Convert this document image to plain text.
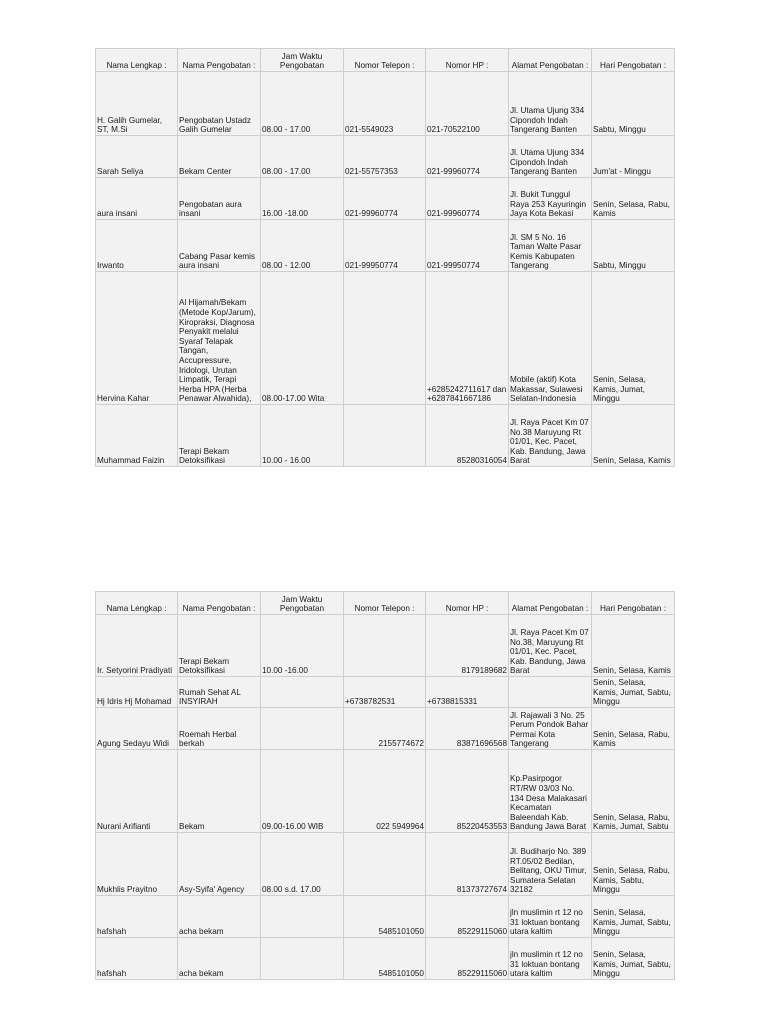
Nama Lengkap :	Nama Pengobatan :	Jam Waktu Pengobatan	Nomor Telepon :	Nomor HP :	Alamat Pengobatan :	Hari Pengobatan :
H. Galih Gumelar, ST, M.Si	Pengobatan Ustadz Galih Gumelar	08.00 - 17.00	021-5549023	021-70522100	Jl. Utama Ujung 334 Cipondoh Indah Tangerang Banten	Sabtu, Minggu
Sarah Seliya	Bekam Center	08.00 - 17.00	021-55757353	021-99960774	Jl. Utama Ujung 334 Cipondoh Indah Tangerang Banten	Jum'at - Minggu
aura insani	Pengobatan aura insani	16.00 -18.00	021-99960774	021-99960774	Jl. Bukit Tunggul Raya 253 Kayuringin Jaya Kota Bekasi	Senin, Selasa, Rabu, Kamis
Irwanto	Cabang Pasar kemis aura insani	08.00 - 12.00	021-99950774	021-99950774	Jl. SM 5 No. 16 Taman Walte Pasar Kemis Kabupaten Tangerang	Sabtu, Minggu
Hervina Kahar	Al Hijamah/Bekam (Metode Kop/Jarum), Kiropraksi, Diagnosa Penyakit melalui Syaraf Telapak Tangan, Accupressure, Iridologi, Urutan Limpatik, Terapi Herba HPA (Herba Penawar Alwahida),	08.00-17.00 Wita		+6285242711617 dan +6287841667186	Mobile (aktif) Kota Makassar, Sulawesi Selatan-Indonesia	Senin, Selasa, Kamis, Jumat, Minggu
Muhammad Faizin	Terapi Bekam Detoksifikasi	10.00 - 16.00		85280316054	Jl. Raya Pacet Km 07 No.38 Maruyung Rt 01/01, Kec. Pacet, Kab. Bandung, Jawa Barat	Senin, Selasa, Kamis
Nama Lengkap :	Nama Pengobatan :	Jam Waktu Pengobatan	Nomor Telepon :	Nomor HP :	Alamat Pengobatan :	Hari Pengobatan :
Ir. Setyorini Pradiyati	Terapi Bekam Detoksifikasi	10.00 -16.00		8179189682	Jl. Raya Pacet Km 07 No.38, Maruyung Rt 01/01, Kec. Pacet, Kab. Bandung, Jawa Barat	Senin, Selasa, Kamis
Hj Idris Hj Mohamad	Rumah Sehat AL INSYIRAH		+6738782531	+6738815331		Senin, Selasa, Kamis, Jumat, Sabtu, Minggu
Agung Sedayu Widi	Roemah Herbal berkah		2155774672	83871696568	Jl. Rajawali 3 No. 25 Perum Pondok Bahar Permai Kota Tangerang	Senin, Selasa, Rabu, Kamis
Nurani Arifianti	Bekam	09.00-16.00 WIB	022 5949964	85220453553	Kp.Pasirpogor RT/RW 03/03 No. 134 Desa Malakasari Kecamatan Baleendah Kab. Bandung Jawa Barat	Senin, Selasa, Rabu, Kamis, Jumat, Sabtu
Mukhlis Prayitno	Asy-Syifa' Agency	08.00 s.d. 17.00		81373727674	Jl. Budiharjo No. 389 RT.05/02 Bedilan, Belitang, OKU Timur, Sumatera Selatan 32182	Senin, Selasa, Rabu, Kamis, Sabtu, Minggu
hafshah	acha bekam		5485101050	85229115060	jln muslimin rt 12 no 31 loktuan bontang utara kaltim	Senin, Selasa, Kamis, Jumat, Sabtu, Minggu
hafshah	acha bekam		5485101050	85229115060	jln muslimin rt 12 no 31 loktuan bontang utara kaltim	Senin, Selasa, Kamis, Jumat, Sabtu, Minggu
